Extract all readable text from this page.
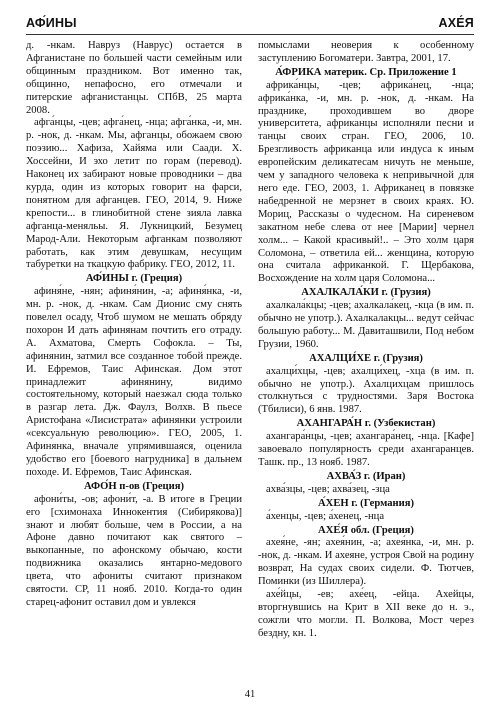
АФ́ИНЫ	АХЕ́Я

д. -нкам. Навруз (Наврус) остается в Афганистане по большей части семейным или общинным праздником. Вот именно так, общинно, непафосно, его отмечали и питерские афганистанцы. СПбВ, 25 марта 2008.

афга́нцы, -цев; афга́нец, -нца; афга́нка, -и, мн. р. -нок, д. -нкам. Мы, афганцы, обожаем свою поэзию... Хафиза, Хайяма или Саади. Х. Хоссейни, И эхо летит по горам (перевод). Наконец их забирают новые проводники – два курда, один из которых говорит на фарси, понятном для афганцев. ГЕО, 2014, 9. Ниже крепости... в глинобитной стене зияла лавка афганца-меняльы. Я. Лукницкий, Безумец Марод-Али. Некоторым афганкам позволяют работать, как этим девушкам, несущим табуретки на ткацкую фабрику. ГЕО, 2012, 11.

АФ́ИНЫ г. (Греция)

афиня́не, -нян; афиня́нин, -а; афиня́нка, -и, мн. р. -нок, д. -нкам. Сам Дионис сму снять повелел осаду, Чтоб шумом не мешать обряду похорон И дать афинянам почтить его отраду. А. Ахматова, Смерть Софокла. – Ты, афинянин, затмил все созданное тобой прежде. И. Ефремов, Таис Афинская. Дом этот принадлежит афинянину, видимо состоятельному, который наезжал сюда только в разгар лета. Дж. Фаулз, Волхв. В пьесе Аристофана «Лисистрата» афинянки устроили «сексуальную революцию». ГЕО, 2005, 1. Афинянка, вначале упрямившаяся, оценила удобство его [боевого нагрудника] в дальнем походе. И. Ефремов, Таис Афинская.

АФО́Н п-ов (Греция)

афони́ты, -ов; афони́т, -а. В итоге в Греции его [схимонаха Иннокентия (Сибирякова)] знают и любят больше, чем в России, а на Афоне давно почитают как святого – выкопанные, по афонскому обычаю, кости подвижника оказались янтарно-медового цвета, что афониты считают признаком святости. СР, 11 нояб. 2010. Когда-то один старец-афонит оставил дом и увлекся

помыслами неоверия к особенному заступлению Богоматери. Завтра, 2001, 17.

А́ФРИКА материк. Ср. Приложение 1

африка́нцы, -цев; африка́нец, -нца; африка́нка, -и, мн. р. -нок, д. -нкам. На празднике, проходившем во дворе университета, африканцы исполняли песни и танцы своих стран. ГЕО, 2006, 10. Брезгливость африканца или индуса к иным европейским деликатесам ничуть не меньше, чем у западного человека к непривычной для него еде. ГЕО, 2003, 1. Африканец в повязке набедренной не мерзнет в своих краях. Ю. Мориц, Рассказы о чудесном. На сиреневом закатном небе слева от нее [Марии] чернел холм... – Какой красивый!.. – Это холм царя Соломона, – ответила ей... женщина, которую она считала африканкой. Г. Щербакова, Восхождение на холм царя Соломона...

АХАЛКАЛА́КИ г. (Грузия)

ахалкала́кцы; -цев; ахалкала́кец, -кца (в им. п. обычно не употр.). Ахалкалакцы... ведут сейчас большую работу... М. Давиташвили, Под небом Грузии, 1960.

АХАЛЦИ́ХЕ г. (Грузия)

ахалци́хцы, -цев; ахалци́хец, -хца (в им. п. обычно не употр.). Ахалцихцам пришлось столкнуться с трудностями. Заря Востока (Тбилиси), 6 янв. 1987.

АХАНГАРА́Н г. (Узбекистан)

ахангара́нцы, -цев; ахангара́нец, -нца. [Кафе] завоевало популярность среди ахангаранцев. Ташк. пр., 13 нояб. 1987.

АХВА́З г. (Иран)

ахва́зцы, -цев; ахва́зец, -зца

А́ХЕН г. (Германия)

а́хенцы, -цев; а́хенец, -нца

АХЕ́Я обл. (Греция)

ахея́не, -ян; ахея́нин, -а; ахея́нка, -и, мн. р. -нок, д. -нкам. И ахеяне, устроя Свой на родину возврат, На судах своих сидели. Ф. Тютчев, Поминки (из Шиллера).

ахе́йцы, -ев; ахе́ец, -ейца. Ахейцы, вторгнувшись на Крит в XII веке до н. э., сожгли что могли. П. Волкова, Мост через бездну, кн. 1.

41
